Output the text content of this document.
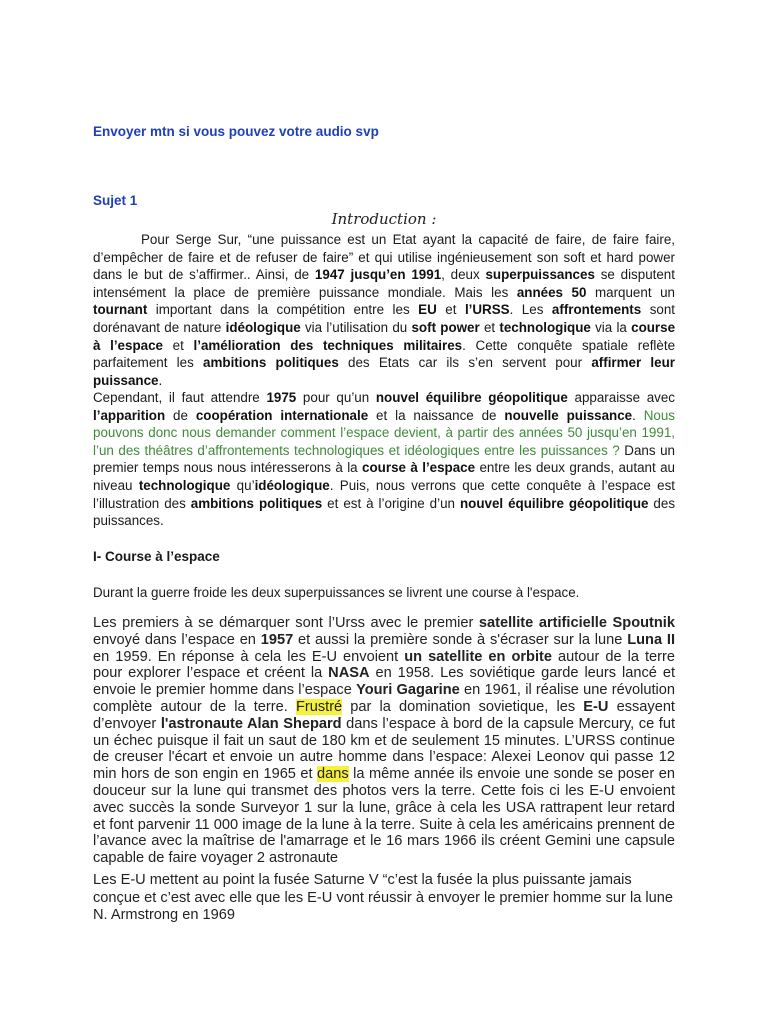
Envoyer mtn si vous pouvez votre audio svp
Sujet 1
Introduction :
Pour Serge Sur, “une puissance est un Etat ayant la capacité de faire, de faire faire, d’empêcher de faire et de refuser de faire” et qui utilise ingénieusement son soft et hard power dans le but de s’affirmer.. Ainsi, de 1947 jusqu’en 1991, deux superpuissances se disputent intensément la place de première puissance mondiale. Mais les années 50 marquent un tournant important dans la compétition entre les EU et l’URSS. Les affrontements sont dorénavant de nature idéologique via l’utilisation du soft power et technologique via la course à l’espace et l’amélioration des techniques militaires. Cette conquête spatiale reflète parfaitement les ambitions politiques des Etats car ils s’en servent pour affirmer leur puissance.
Cependant, il faut attendre 1975 pour qu’un nouvel équilibre géopolitique apparaisse avec l’apparition de coopération internationale et la naissance de nouvelle puissance. Nous pouvons donc nous demander comment l’espace devient, à partir des années 50 jusqu’en 1991, l’un des théâtres d’affrontements technologiques et idéologiques entre les puissances ? Dans un premier temps nous nous intéresserons à la course à l’espace entre les deux grands, autant au niveau technologique qu’idéologique. Puis, nous verrons que cette conquête à l’espace est l’illustration des ambitions politiques et est à l’origine d’un nouvel équilibre géopolitique des puissances.
I- Course à l’espace
Durant la guerre froide les deux superpuissances se livrent une course à l'espace.
Les premiers à se démarquer sont l’Urss avec le premier satellite artificielle Spoutnik envoyé dans l’espace en 1957 et aussi la première sonde à s'écraser sur la lune Luna II en 1959. En réponse à cela les E-U envoient un satellite en orbite autour de la terre pour explorer l’espace et créent la NASA en 1958. Les soviétique garde leurs lancé et envoie le premier homme dans l’espace Youri Gagarine en 1961, il réalise une révolution complète autour de la terre. Frustré par la domination sovietique, les E-U essayent d’envoyer l'astronaute Alan Shepard dans l’espace à bord de la capsule Mercury, ce fut un échec puisque il fait un saut de 180 km et de seulement 15 minutes. L’URSS continue de creuser l'écart et envoie un autre homme dans l’espace: Alexei Leonov qui passe 12 min hors de son engin en 1965 et dans la même année ils envoie une sonde se poser en douceur sur la lune qui transmet des photos vers la terre. Cette fois ci les E-U envoient avec succès la sonde Surveyor 1 sur la lune, grâce à cela les USA rattrapent leur retard et font parvenir 11 000 image de la lune à la terre. Suite à cela les américains prennent de l’avance avec la maîtrise de l'amarrage et le 16 mars 1966 ils créent Gemini une capsule capable de faire voyager 2 astronaute
Les E-U mettent au point la fusée Saturne V “c’est la fusée la plus puissante jamais conçue et c’est avec elle que les E-U vont réussir à envoyer le premier homme sur la lune N. Armstrong en 1969
